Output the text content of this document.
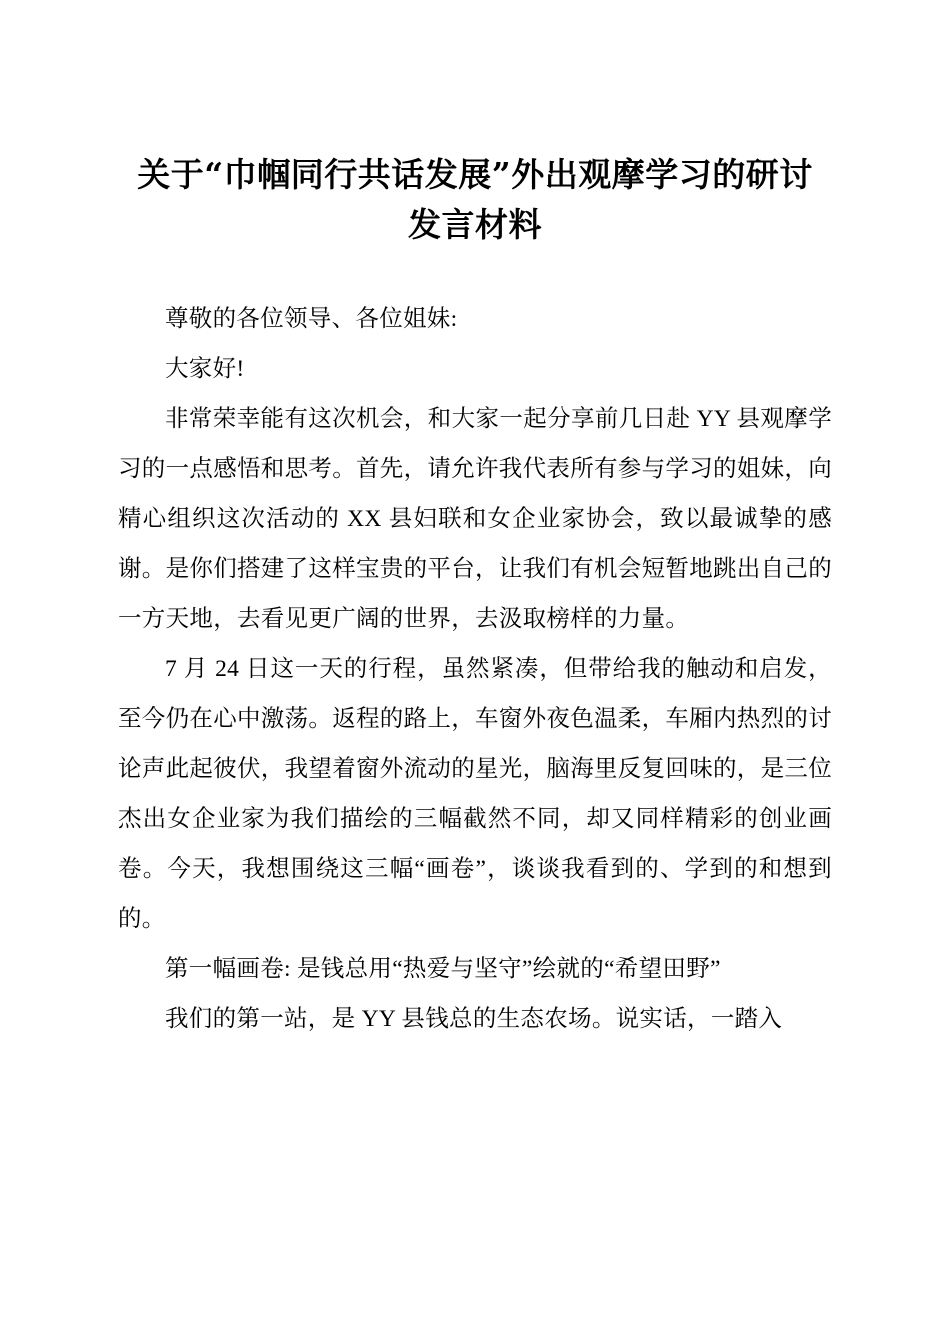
关于“巾帼同行共话发展”外出观摩学习的研讨发言材料

尊敬的各位领导、各位姐妹:

大家好!

非常荣幸能有这次机会，和大家一起分享前几日赴 YY 县观摩学习的一点感悟和思考。首先，请允许我代表所有参与学习的姐妹，向精心组织这次活动的 XX 县妇联和女企业家协会，致以最诚挚的感谢。是你们搭建了这样宝贵的平台，让我们有机会短暂地跳出自己的一方天地，去看见更广阔的世界，去汲取榜样的力量。

7 月 24 日这一天的行程，虽然紧凑，但带给我的触动和启发，至今仍在心中激荡。返程的路上，车窗外夜色温柔，车厢内热烈的讨论声此起彼伏，我望着窗外流动的星光，脑海里反复回味的，是三位杰出女企业家为我们描绘的三幅截然不同，却又同样精彩的创业画卷。今天，我想围绕这三幅“画卷”，谈谈我看到的、学到的和想到的。

第一幅画卷: 是钱总用“热爱与坚守”绘就的“希望田野”

我们的第一站，是 YY 县钱总的生态农场。说实话，一踏入
